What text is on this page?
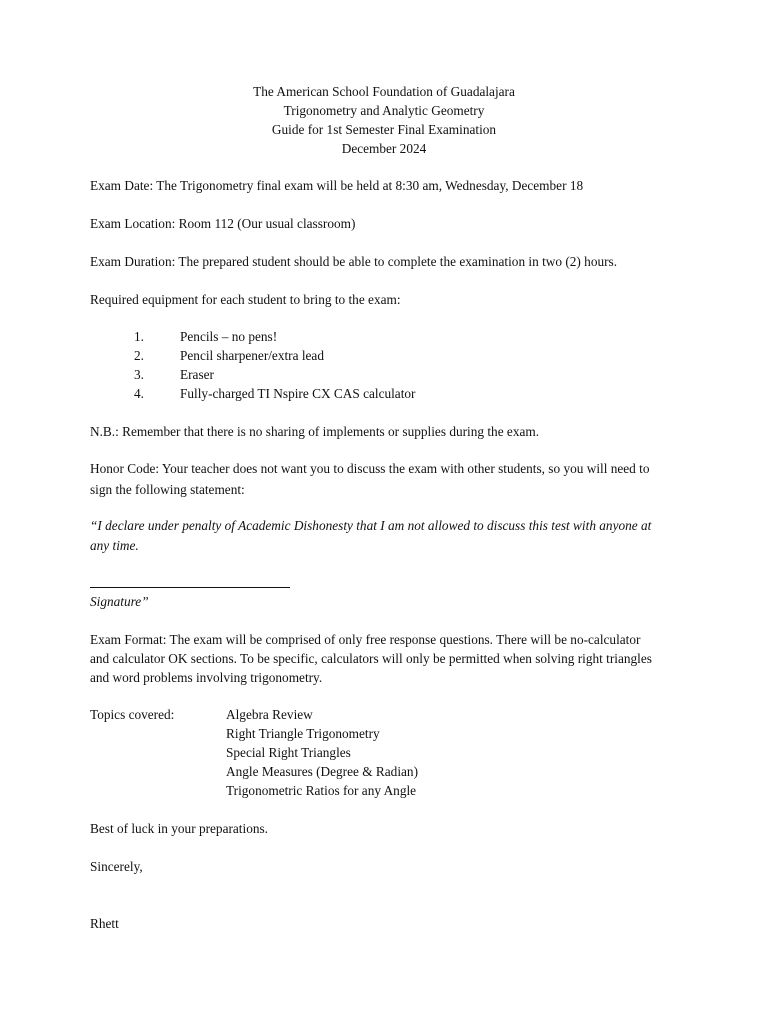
The American School Foundation of Guadalajara
Trigonometry and Analytic Geometry
Guide for 1st Semester Final Examination
December 2024
Exam Date: The Trigonometry final exam will be held at 8:30 am, Wednesday, December 18
Exam Location: Room 112 (Our usual classroom)
Exam Duration: The prepared student should be able to complete the examination in two (2) hours.
Required equipment for each student to bring to the exam:
1.	Pencils – no pens!
2.	Pencil sharpener/extra lead
3.	Eraser
4.	Fully-charged TI Nspire CX CAS calculator
N.B.: Remember that there is no sharing of implements or supplies during the exam.
Honor Code: Your teacher does not want you to discuss the exam with other students, so you will need to
sign the following statement:
“I declare under penalty of Academic Dishonesty that I am not allowed to discuss this test with anyone at
any time.
Signature”
Exam Format: The exam will be comprised of only free response questions. There will be no-calculator
and calculator OK sections. To be specific, calculators will only be permitted when solving right triangles
and word problems involving trigonometry.
Topics covered:	Algebra Review
Right Triangle Trigonometry
Special Right Triangles
Angle Measures (Degree & Radian)
Trigonometric Ratios for any Angle
Best of luck in your preparations.
Sincerely,
Rhett
